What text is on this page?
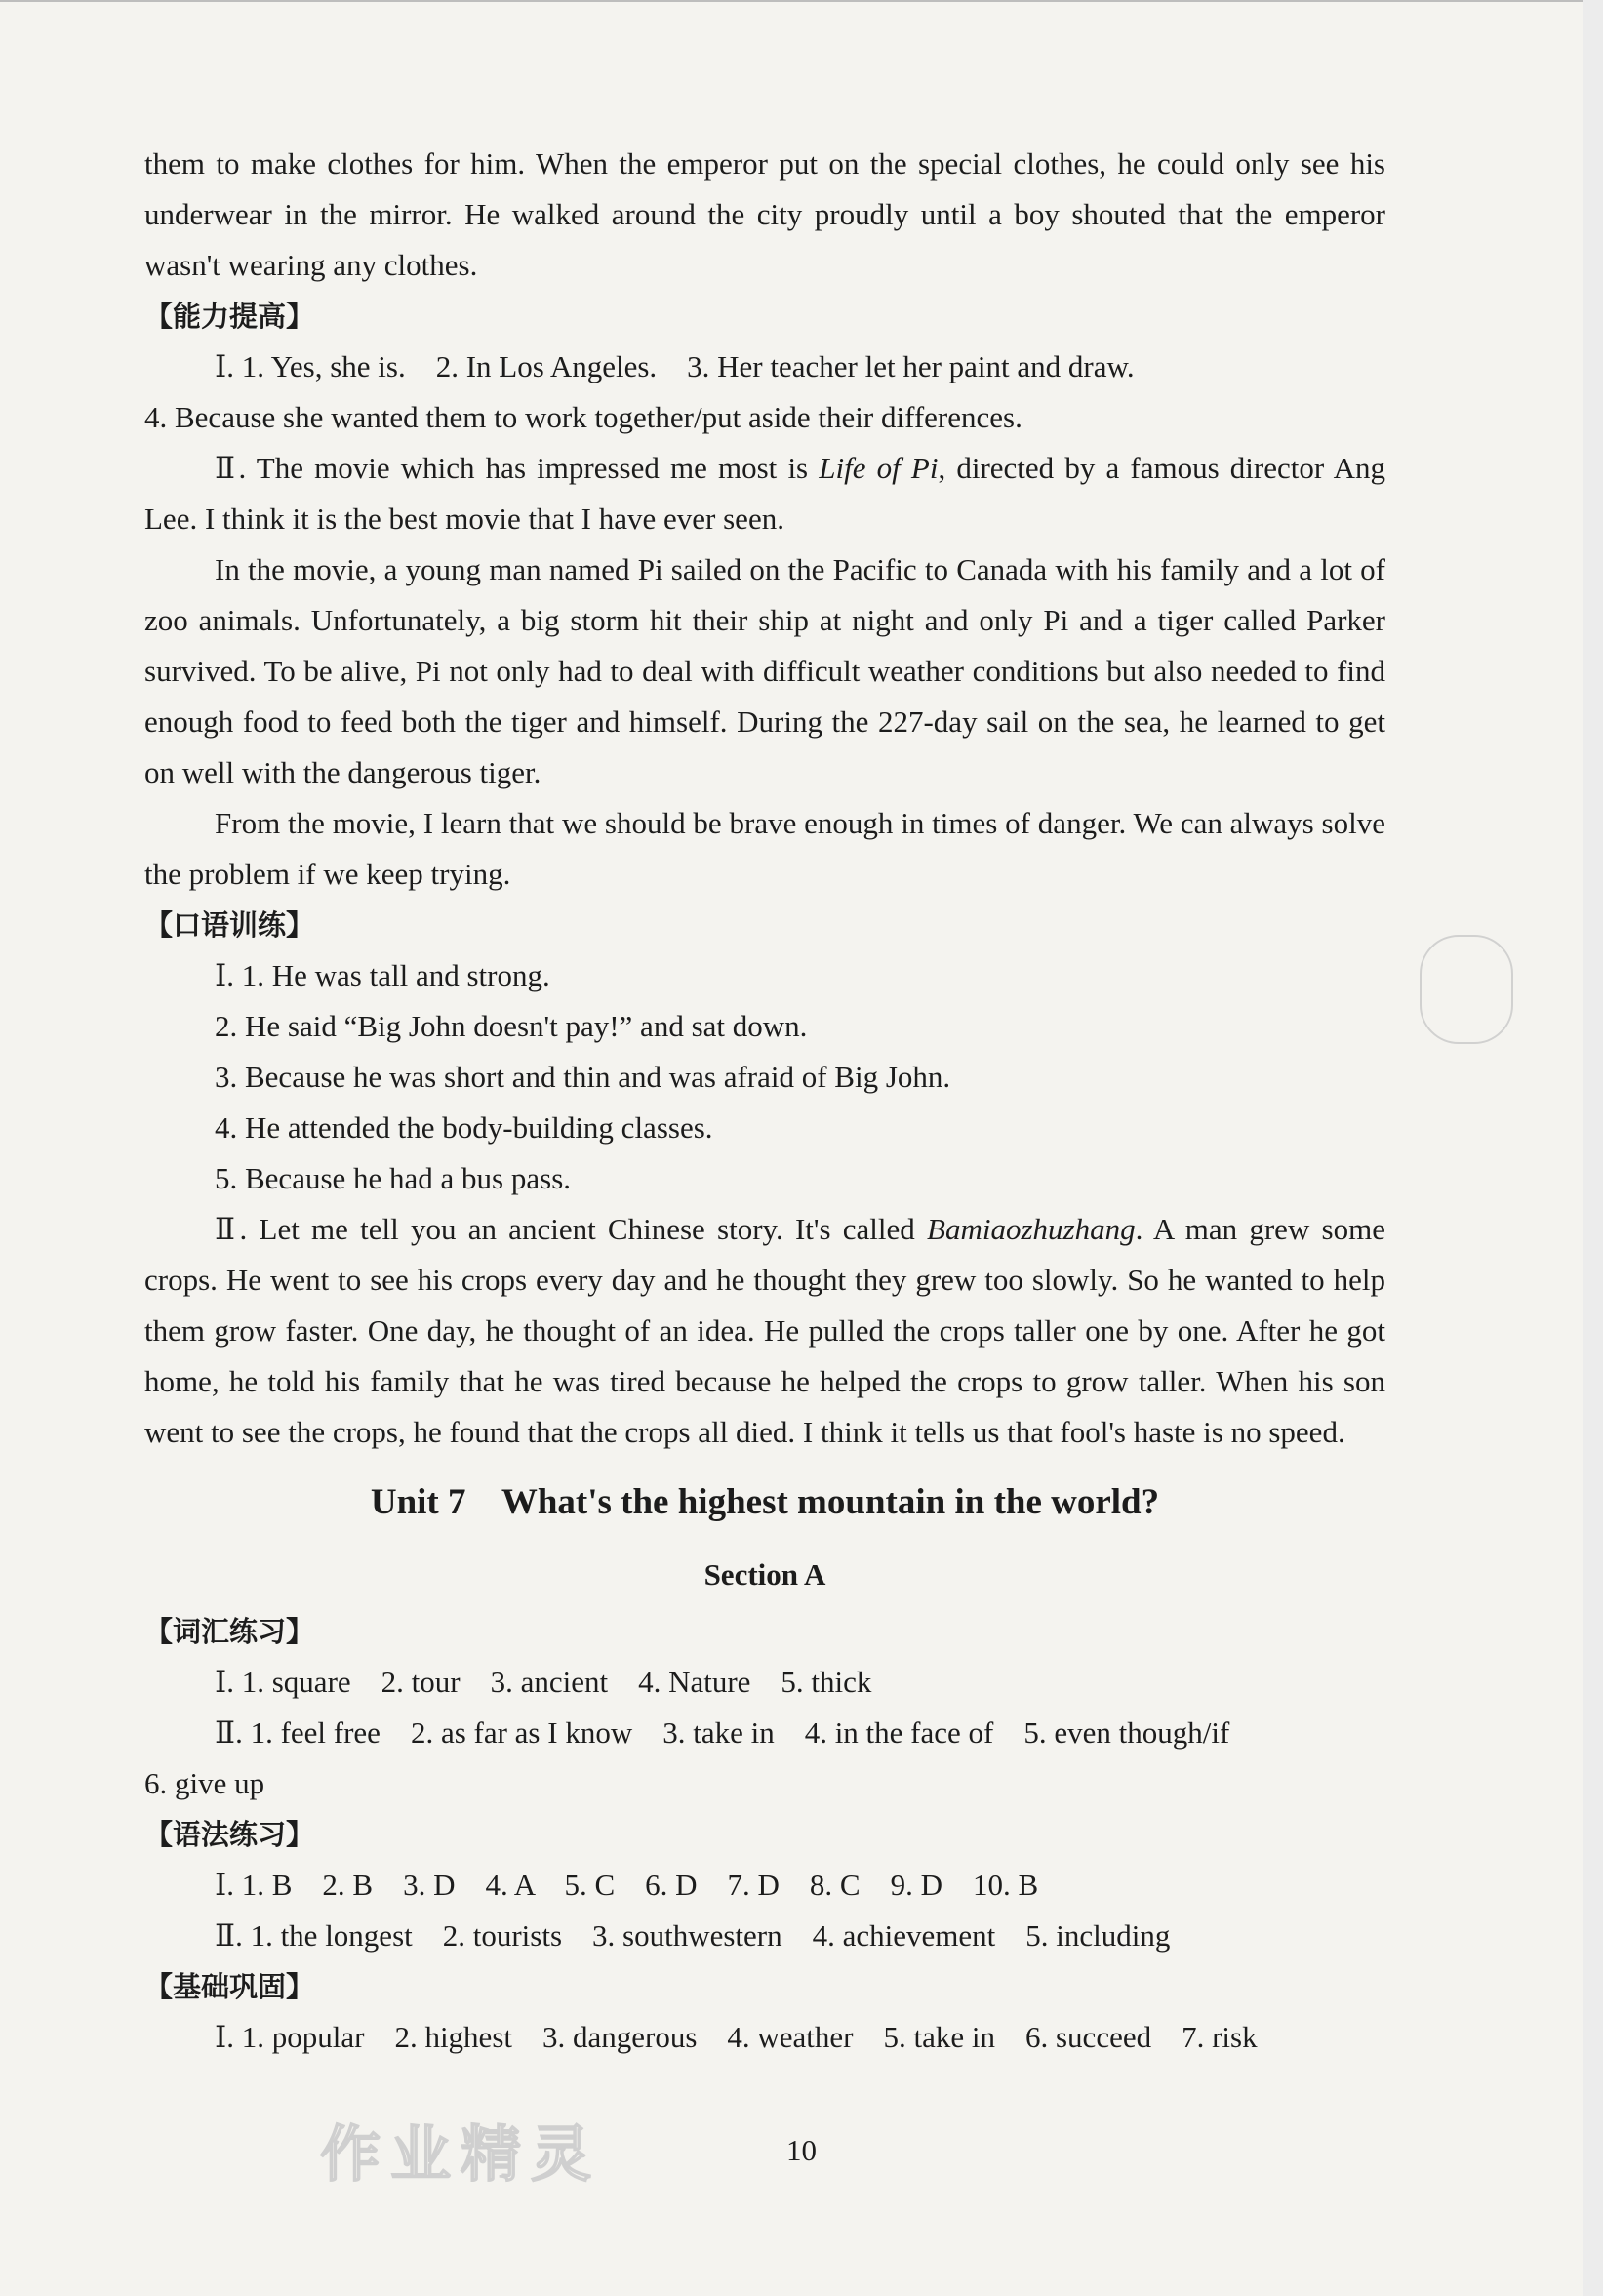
them to make clothes for him. When the emperor put on the special clothes, he could only see his underwear in the mirror. He walked around the city proudly until a boy shouted that the emperor wasn't wearing any clothes.

【能力提高】

Ⅰ. 1. Yes, she is.    2. In Los Angeles.    3. Her teacher let her paint and draw.

4. Because she wanted them to work together/put aside their differences.

Ⅱ. The movie which has impressed me most is Life of Pi, directed by a famous director Ang Lee. I think it is the best movie that I have ever seen.

In the movie, a young man named Pi sailed on the Pacific to Canada with his family and a lot of zoo animals. Unfortunately, a big storm hit their ship at night and only Pi and a tiger called Parker survived. To be alive, Pi not only had to deal with difficult weather conditions but also needed to find enough food to feed both the tiger and himself. During the 227-day sail on the sea, he learned to get on well with the dangerous tiger.

From the movie, I learn that we should be brave enough in times of danger. We can always solve the problem if we keep trying.

【口语训练】

Ⅰ. 1. He was tall and strong.

2. He said “Big John doesn't pay!” and sat down.

3. Because he was short and thin and was afraid of Big John.

4. He attended the body-building classes.

5. Because he had a bus pass.

Ⅱ. Let me tell you an ancient Chinese story. It's called Bamiaozhuzhang. A man grew some crops. He went to see his crops every day and he thought they grew too slowly. So he wanted to help them grow faster. One day, he thought of an idea. He pulled the crops taller one by one. After he got home, he told his family that he was tired because he helped the crops to grow taller. When his son went to see the crops, he found that the crops all died. I think it tells us that fool's haste is no speed.

Unit 7    What's the highest mountain in the world?
Section A

【词汇练习】

Ⅰ. 1. square    2. tour    3. ancient    4. Nature    5. thick

Ⅱ. 1. feel free    2. as far as I know    3. take in    4. in the face of    5. even though/if

6. give up

【语法练习】

Ⅰ. 1. B    2. B    3. D    4. A    5. C    6. D    7. D    8. C    9. D    10. B

Ⅱ. 1. the longest    2. tourists    3. southwestern    4. achievement    5. including

【基础巩固】

Ⅰ. 1. popular    2. highest    3. dangerous    4. weather    5. take in    6. succeed    7. risk

作业精灵	10
